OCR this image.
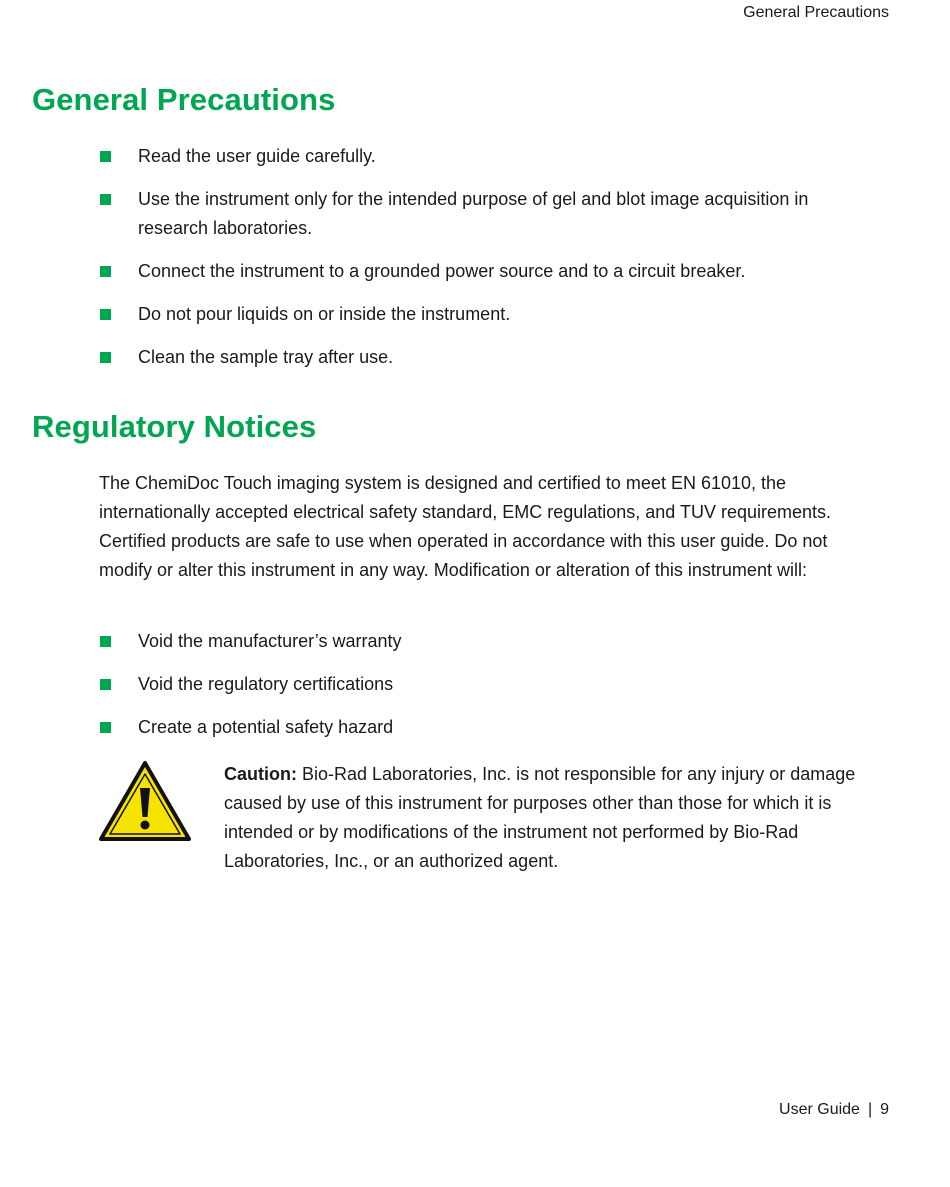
General Precautions
General Precautions
Read the user guide carefully.
Use the instrument only for the intended purpose of gel and blot image acquisition in research laboratories.
Connect the instrument to a grounded power source and to a circuit breaker.
Do not pour liquids on or inside the instrument.
Clean the sample tray after use.
Regulatory Notices

The ChemiDoc Touch imaging system is designed and certified to meet EN 61010, the internationally accepted electrical safety standard, EMC regulations, and TUV requirements. Certified products are safe to use when operated in accordance with this user guide. Do not modify or alter this instrument in any way. Modification or alteration of this instrument will:

Void the manufacturer’s warranty
Void the regulatory certifications
Create a potential safety hazard

Caution: Bio-Rad Laboratories, Inc. is not responsible for any injury or damage caused by use of this instrument for purposes other than those for which it is intended or by modifications of the instrument not performed by Bio-Rad Laboratories, Inc., or an authorized agent.

User Guide | 9
